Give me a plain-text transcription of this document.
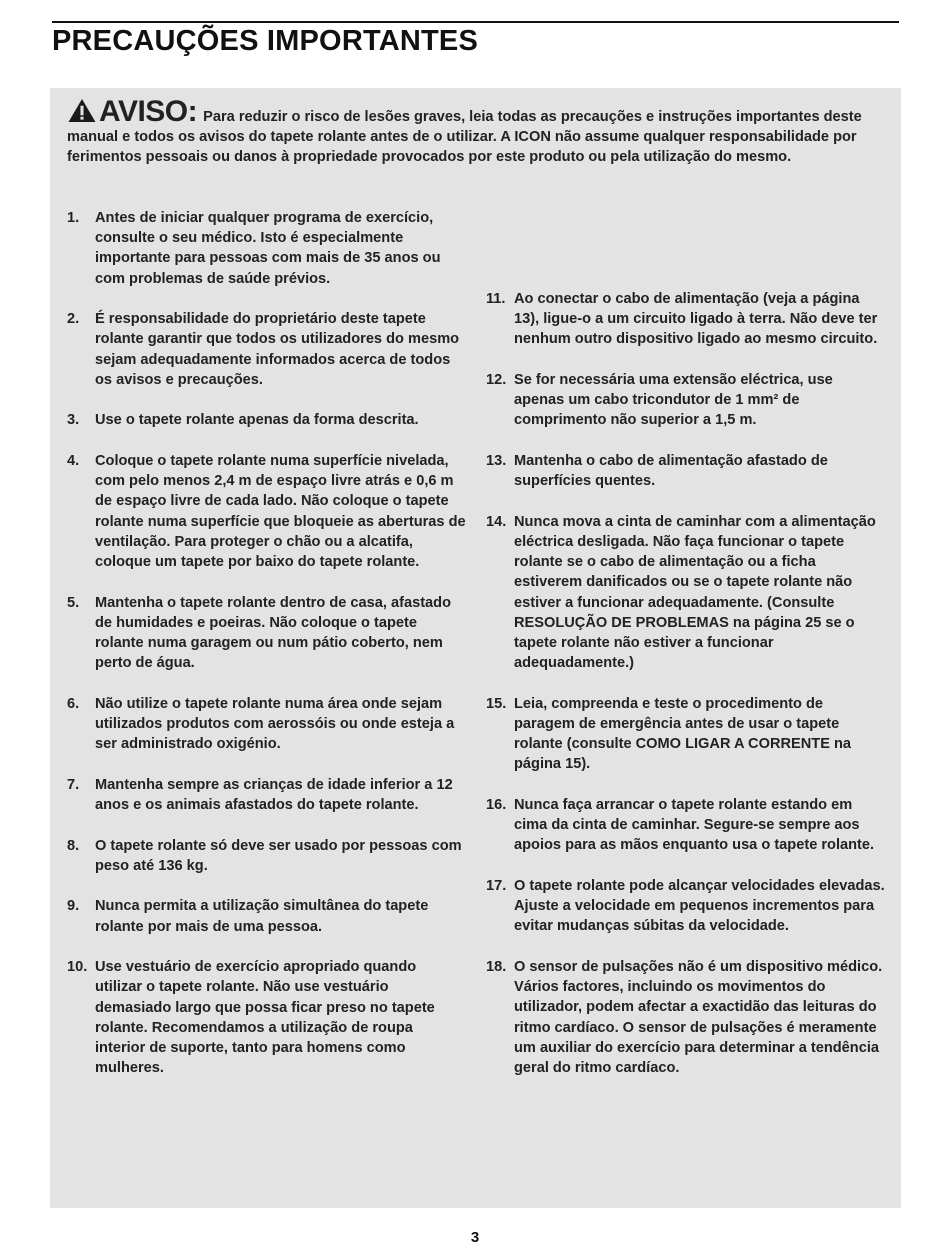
PRECAUÇÕES IMPORTANTES
AVISO: Para reduzir o risco de lesões graves, leia todas as precauções e instruções importantes deste manual e todos os avisos do tapete rolante antes de o utilizar. A ICON não assume qualquer responsabilidade por ferimentos pessoais ou danos à propriedade provocados por este produto ou pela utilização do mesmo.
1. Antes de iniciar qualquer programa de exercício, consulte o seu médico. Isto é especialmente importante para pessoas com mais de 35 anos ou com problemas de saúde prévios.
2. É responsabilidade do proprietário deste tapete rolante garantir que todos os utilizadores do mesmo sejam adequadamente informados acerca de todos os avisos e precauções.
3. Use o tapete rolante apenas da forma descrita.
4. Coloque o tapete rolante numa superfície nivelada, com pelo menos 2,4 m de espaço livre atrás e 0,6 m de espaço livre de cada lado. Não coloque o tapete rolante numa superfície que bloqueie as aberturas de ventilação. Para proteger o chão ou a alcatifa, coloque um tapete por baixo do tapete rolante.
5. Mantenha o tapete rolante dentro de casa, afastado de humidades e poeiras. Não coloque o tapete rolante numa garagem ou num pátio coberto, nem perto de água.
6. Não utilize o tapete rolante numa área onde sejam utilizados produtos com aerossóis ou onde esteja a ser administrado oxigénio.
7. Mantenha sempre as crianças de idade inferior a 12 anos e os animais afastados do tapete rolante.
8. O tapete rolante só deve ser usado por pessoas com peso até 136 kg.
9. Nunca permita a utilização simultânea do tapete rolante por mais de uma pessoa.
10. Use vestuário de exercício apropriado quando utilizar o tapete rolante. Não use vestuário demasiado largo que possa ficar preso no tapete rolante. Recomendamos a utilização de roupa interior de suporte, tanto para homens como mulheres.
11. Ao conectar o cabo de alimentação (veja a página 13), ligue-o a um circuito ligado à terra. Não deve ter nenhum outro dispositivo ligado ao mesmo circuito.
12. Se for necessária uma extensão eléctrica, use apenas um cabo tricondutor de 1 mm² de comprimento não superior a 1,5 m.
13. Mantenha o cabo de alimentação afastado de superfícies quentes.
14. Nunca mova a cinta de caminhar com a alimentação eléctrica desligada. Não faça funcionar o tapete rolante se o cabo de alimentação ou a ficha estiverem danificados ou se o tapete rolante não estiver a funcionar adequadamente. (Consulte RESOLUÇÃO DE PROBLEMAS na página 25 se o tapete rolante não estiver a funcionar adequadamente.)
15. Leia, compreenda e teste o procedimento de paragem de emergência antes de usar o tapete rolante (consulte COMO LIGAR A CORRENTE na página 15).
16. Nunca faça arrancar o tapete rolante estando em cima da cinta de caminhar. Segure-se sempre aos apoios para as mãos enquanto usa o tapete rolante.
17. O tapete rolante pode alcançar velocidades elevadas. Ajuste a velocidade em pequenos incrementos para evitar mudanças súbitas da velocidade.
18. O sensor de pulsações não é um dispositivo médico. Vários factores, incluindo os movimentos do utilizador, podem afectar a exactidão das leituras do ritmo cardíaco. O sensor de pulsações é meramente um auxiliar do exercício para determinar a tendência geral do ritmo cardíaco.
3
